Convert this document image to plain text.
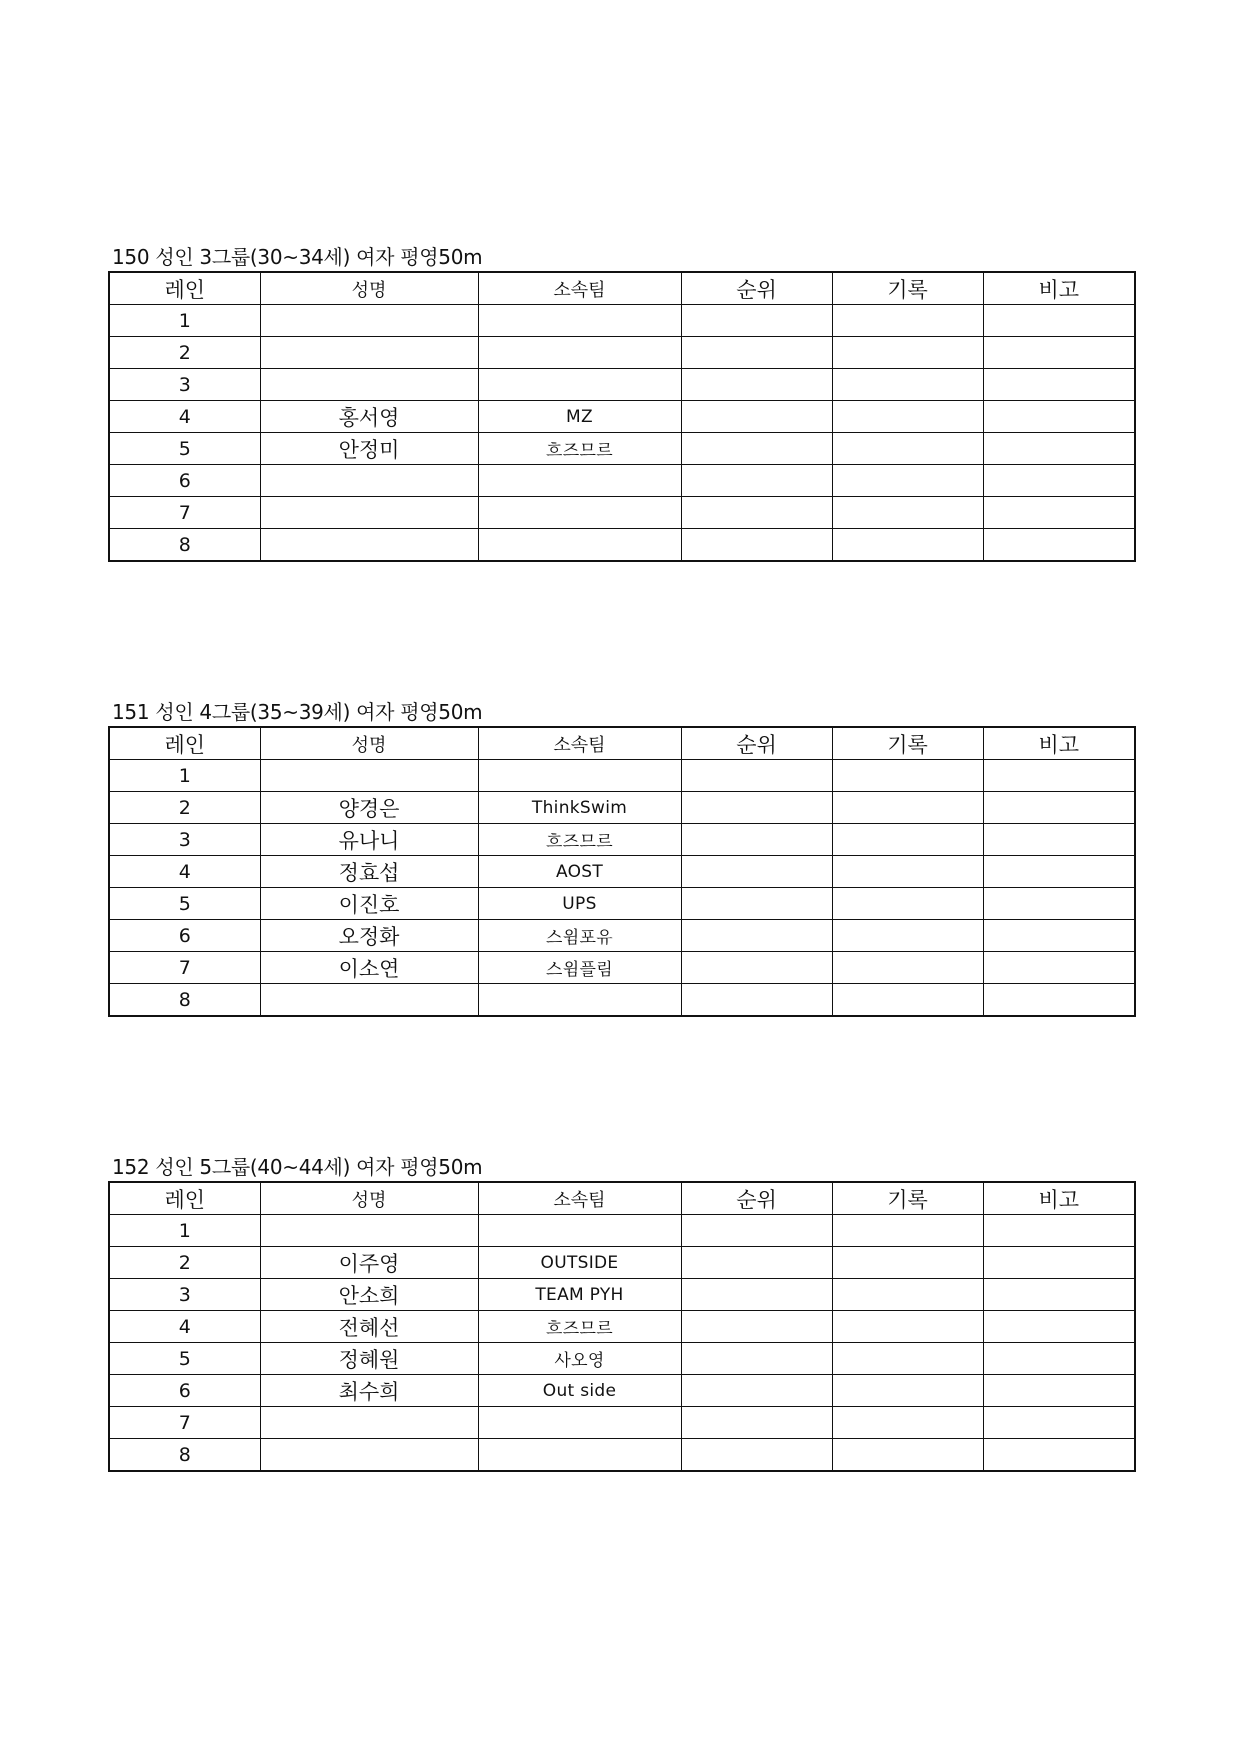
150 성인 3그룹(30~34세) 여자 평영50m
레인	성명	소속팀	순위	기록	비고
1					
2					
3					
4	홍서영	MZ			
5	안정미	흐즈므르			
6					
7					
8					
151 성인 4그룹(35~39세) 여자 평영50m
레인	성명	소속팀	순위	기록	비고
1					
2	양경은	ThinkSwim			
3	유나니	흐즈므르			
4	정효섭	AOST			
5	이진호	UPS			
6	오정화	스윔포유			
7	이소연	스윔플림			
8					
152 성인 5그룹(40~44세) 여자 평영50m
레인	성명	소속팀	순위	기록	비고
1					
2	이주영	OUTSIDE			
3	안소희	TEAM PYH			
4	전혜선	흐즈므르			
5	정혜원	사오영			
6	최수희	Out side			
7					
8					
